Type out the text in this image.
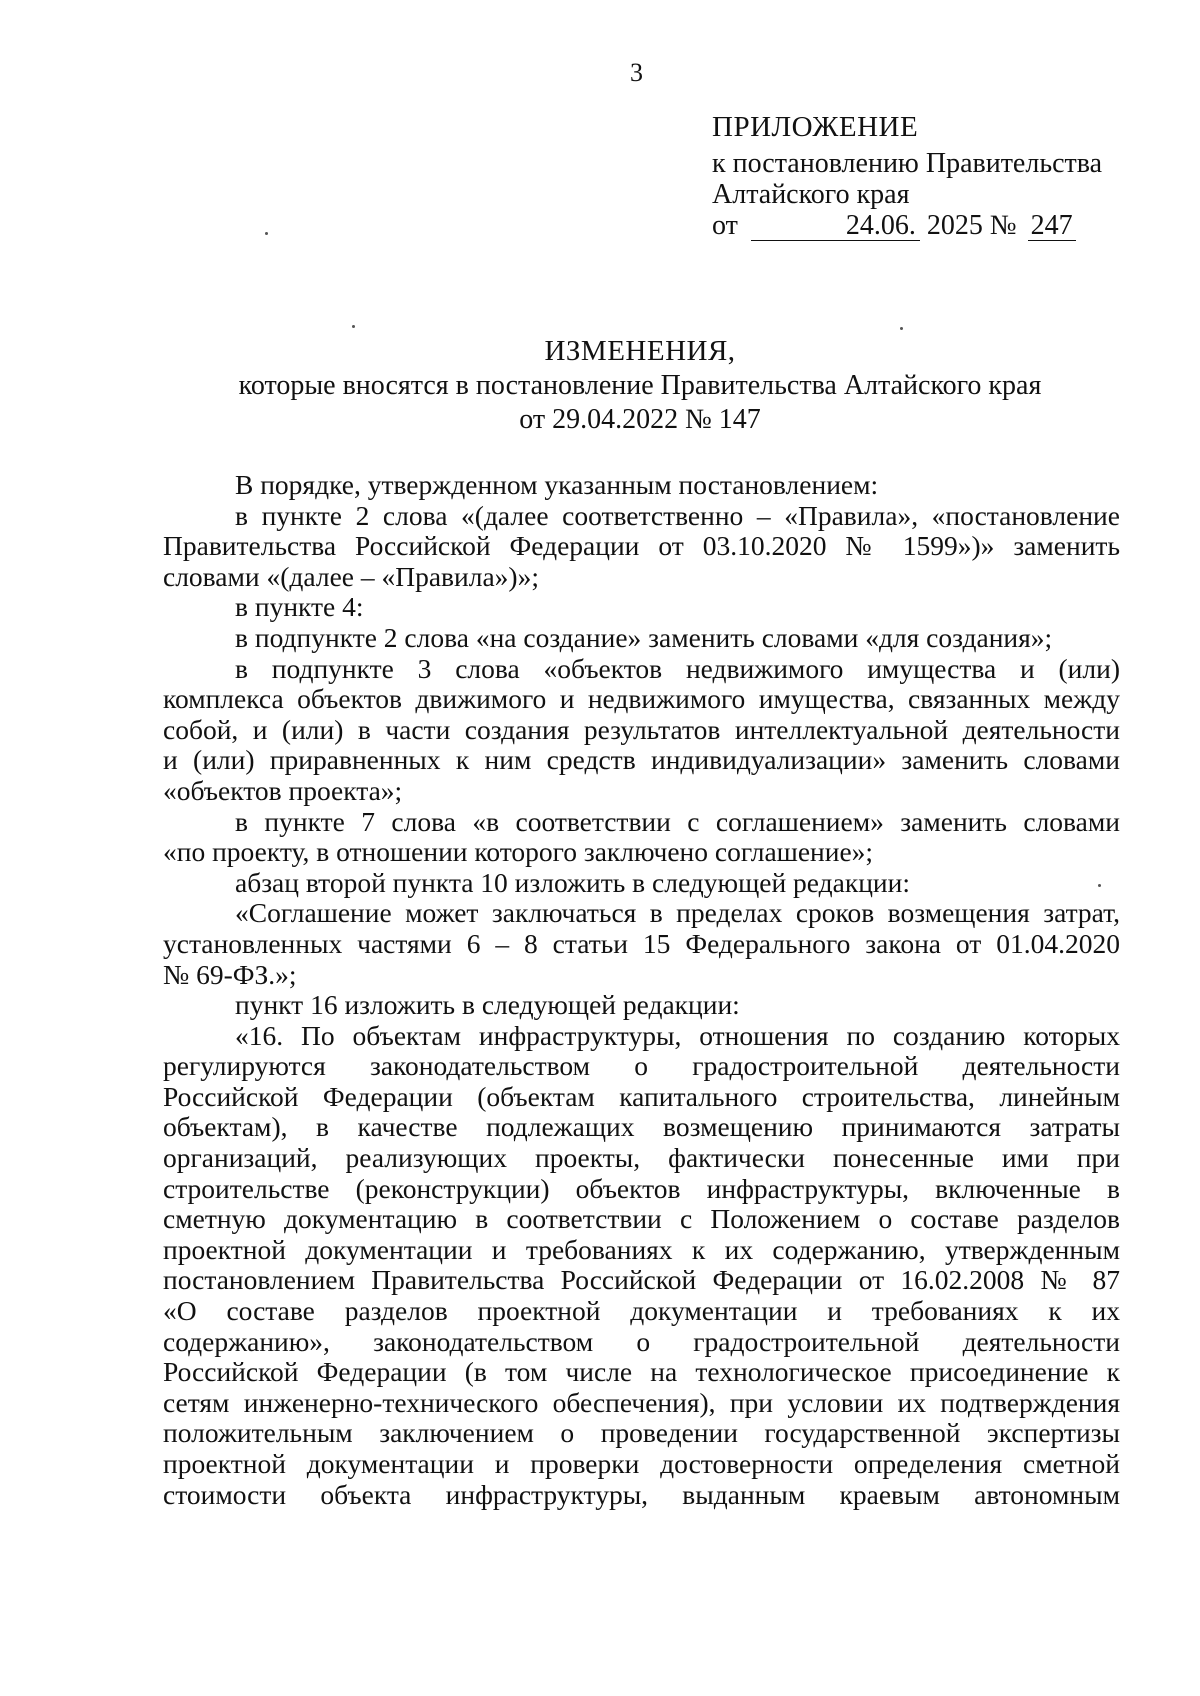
3
ПРИЛОЖЕНИЕ
к постановлению Правительства
Алтайского края
от	24.06. 2025 № 247
ИЗМЕНЕНИЯ,
которые вносятся в постановление Правительства Алтайского края
от 29.04.2022 № 147

В порядке, утвержденном указанным постановлением:

в пункте 2 слова «(далее соответственно – «Правила», «постановление
Правительства Российской Федерации от 03.10.2020 № 1599»)» заменить
словами «(далее – «Правила»)»;

в пункте 4:

в подпункте 2 слова «на создание» заменить словами «для создания»;

в подпункте 3 слова «объектов недвижимого имущества и (или)
комплекса объектов движимого и недвижимого имущества, связанных между
собой, и (или) в части создания результатов интеллектуальной деятельности
и (или) приравненных к ним средств индивидуализации» заменить словами
«объектов проекта»;
в пункте 7 слова «в соответствии с соглашением» заменить словами
«по проекту, в отношении которого заключено соглашение»;

абзац второй пункта 10 изложить в следующей редакции:

«Соглашение может заключаться в пределах сроков возмещения затрат,
установленных частями 6 – 8 статьи 15 Федерального закона от 01.04.2020
№ 69-ФЗ.»;

пункт 16 изложить в следующей редакции:

«16. По объектам инфраструктуры, отношения по созданию которых
регулируются законодательством о градостроительной деятельности
Российской Федерации (объектам капитального строительства, линейным
объектам), в качестве подлежащих возмещению принимаются затраты
организаций, реализующих проекты, фактически понесенные ими при
строительстве (реконструкции) объектов инфраструктуры, включенные в
сметную документацию в соответствии с Положением о составе разделов
проектной документации и требованиях к их содержанию, утвержденным
постановлением Правительства Российской Федерации от 16.02.2008 № 87
«О составе разделов проектной документации и требованиях к их
содержанию», законодательством о градостроительной деятельности
Российской Федерации (в том числе на технологическое присоединение к
сетям инженерно-технического обеспечения), при условии их подтверждения
положительным заключением о проведении государственной экспертизы
проектной документации и проверки достоверности определения сметной
стоимости объекта инфраструктуры, выданным краевым автономным
